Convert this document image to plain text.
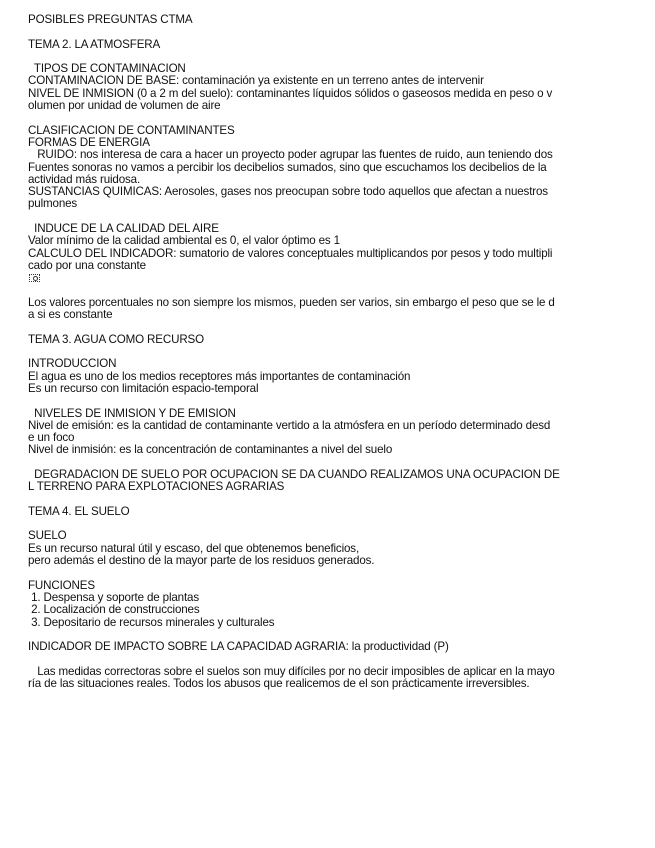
POSIBLES PREGUNTAS CTMA
TEMA 2. LA ATMÓSFERA
TIPOS DE CONTAMINACIÓN
CONTAMINACIÓN DE BASE: contaminación ya existente en un terreno antes de intervenir
NIVEL DE INMISIÓN (0 a 2 m del suelo): contaminantes líquidos sólidos o gaseosos medida en peso o v
olumen por unidad de volumen de aire
CLASIFICACIÓN DE CONTAMINANTES
FORMAS DE ENERGÍA
RUIDO: nos interesa de cara a hacer un proyecto poder agrupar las fuentes de ruido, aun teniendo dos
Fuentes sonoras no vamos a percibir los decibelios sumados, sino que escuchamos los decibelios de la
actividad más ruidosa.
SUSTANCIAS QUÍMICAS: Aerosoles, gases nos preocupan sobre todo aquellos que afectan a nuestros
pulmones
INDUCE DE LA CALIDAD DEL AIRE
Valor mínimo de la calidad ambiental es 0, el valor óptimo es 1
CALCULO DEL INDICADOR: sumatorio de valores conceptuales multiplicandos por pesos y todo multipli
cado por una constante
Los valores porcentuales no son siempre los mismos, pueden ser varios, sin embargo el peso que se le d
a si es constante
TEMA 3. AGUA COMO RECURSO
INTRODUCCIÓN
El agua es uno de los medios receptores más importantes de contaminación
Es un recurso con limitación espacio-temporal
NIVELES DE INMISIÓN Y DE EMISIÓN
Nivel de emisión: es la cantidad de contaminante vertido a la atmósfera en un período determinado desd
e un foco
Nivel de inmisión: es la concentración de contaminantes a nivel del suelo
DEGRADACIÓN DE SUELO POR OCUPACIÓN SE DA CUANDO REALIZAMOS UNA OCUPACIÓN DE
L TERRENO PARA EXPLOTACIONES AGRARIAS
TEMA 4. EL SUELO
SUELO
Es un recurso natural útil y escaso, del que obtenemos beneficios,
pero además el destino de la mayor parte de los residuos generados.
FUNCIONES
1. Despensa y soporte de plantas
2. Localización de construcciones
3. Depositario de recursos minerales y culturales
INDICADOR DE IMPACTO SOBRE LA CAPACIDAD AGRARIA: la productividad (P)
Las medidas correctoras sobre el suelos son muy difíciles por no decir imposibles de aplicar en la mayo
ría de las situaciones reales. Todos los abusos que realicemos de el son prácticamente irreversibles.
